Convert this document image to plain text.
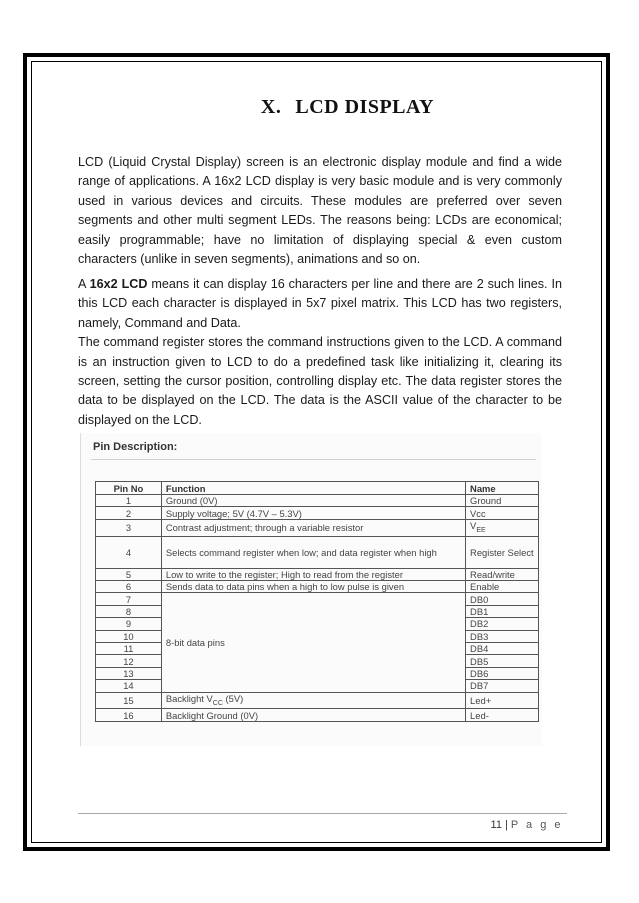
X. LCD DISPLAY

LCD (Liquid Crystal Display) screen is an electronic display module and find a wide range of applications. A 16x2 LCD display is very basic module and is very commonly used in various devices and circuits. These modules are preferred over seven segments and other multi segment LEDs. The reasons being: LCDs are economical; easily programmable; have no limitation of displaying special & even custom characters (unlike in seven segments), animations and so on.

A 16x2 LCD means it can display 16 characters per line and there are 2 such lines. In this LCD each character is displayed in 5x7 pixel matrix. This LCD has two registers, namely, Command and Data.
The command register stores the command instructions given to the LCD. A command is an instruction given to LCD to do a predefined task like initializing it, clearing its screen, setting the cursor position, controlling display etc. The data register stores the data to be displayed on the LCD. The data is the ASCII value of the character to be displayed on the LCD.
Pin Description:
Pin No	Function	Name
1	Ground (0V)	Ground
2	Supply voltage; 5V (4.7V – 5.3V)	Vcc
3	Contrast adjustment; through a variable resistor	$V_{EE}$
4	Selects command register when low; and data register when high	Register Select
5	Low to write to the register; High to read from the register	Read/write
6	Sends data to data pins when a high to low pulse is given	Enable
7	8-bit data pins	DB0
8		DB1
9		DB2
10		DB3
11		DB4
12		DB5
13		DB6
14		DB7
15	Backlight $V_{CC}$ (5V)	Led+
16	Backlight Ground (0V)	Led-
11 | P a g e
